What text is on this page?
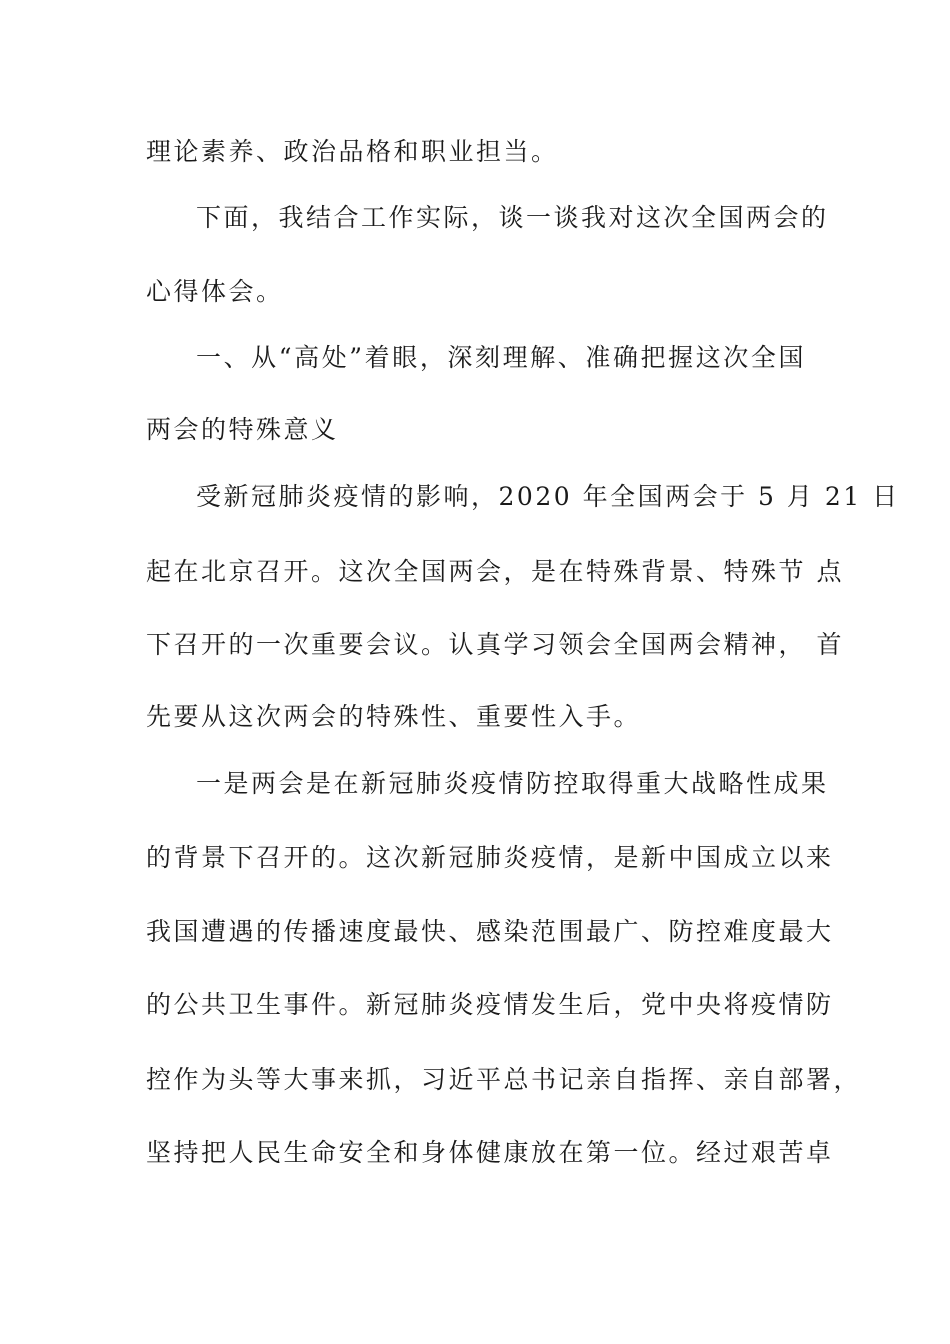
理论素养、政治品格和职业担当。
下面，我结合工作实际，谈一谈我对这次全国两会的
心得体会。
一、从“高处”着眼，深刻理解、准确把握这次全国
两会的特殊意义
受新冠肺炎疫情的影响，2020 年全国两会于 5 月 21 日
起在北京召开。这次全国两会，是在特殊背景、特殊节 点
下召开的一次重要会议。认真学习领会全国两会精神， 首
先要从这次两会的特殊性、重要性入手。
一是两会是在新冠肺炎疫情防控取得重大战略性成果
的背景下召开的。这次新冠肺炎疫情，是新中国成立以来
我国遭遇的传播速度最快、感染范围最广、防控难度最大
的公共卫生事件。新冠肺炎疫情发生后，党中央将疫情防
控作为头等大事来抓，习近平总书记亲自指挥、亲自部署，
坚持把人民生命安全和身体健康放在第一位。经过艰苦卓
